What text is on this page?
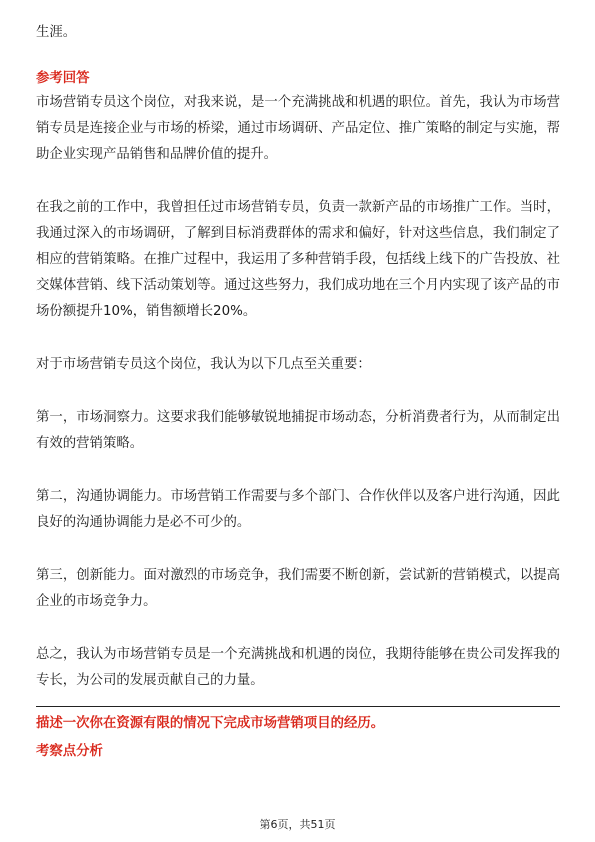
生涯。

参考回答

市场营销专员这个岗位，对我来说，是一个充满挑战和机遇的职位。首先，我认为市场营销专员是连接企业与市场的桥梁，通过市场调研、产品定位、推广策略的制定与实施，帮助企业实现产品销售和品牌价值的提升。

在我之前的工作中，我曾担任过市场营销专员，负责一款新产品的市场推广工作。当时，我通过深入的市场调研，了解到目标消费群体的需求和偏好，针对这些信息，我们制定了相应的营销策略。在推广过程中，我运用了多种营销手段，包括线上线下的广告投放、社交媒体营销、线下活动策划等。通过这些努力，我们成功地在三个月内实现了该产品的市场份额提升10%，销售额增长20%。

对于市场营销专员这个岗位，我认为以下几点至关重要：

第一，市场洞察力。这要求我们能够敏锐地捕捉市场动态，分析消费者行为，从而制定出有效的营销策略。

第二，沟通协调能力。市场营销工作需要与多个部门、合作伙伴以及客户进行沟通，因此良好的沟通协调能力是必不可少的。

第三，创新能力。面对激烈的市场竞争，我们需要不断创新，尝试新的营销模式，以提高企业的市场竞争力。

总之，我认为市场营销专员是一个充满挑战和机遇的岗位，我期待能够在贵公司发挥我的专长，为公司的发展贡献自己的力量。

描述一次你在资源有限的情况下完成市场营销项目的经历。
考察点分析
第6页，共51页
